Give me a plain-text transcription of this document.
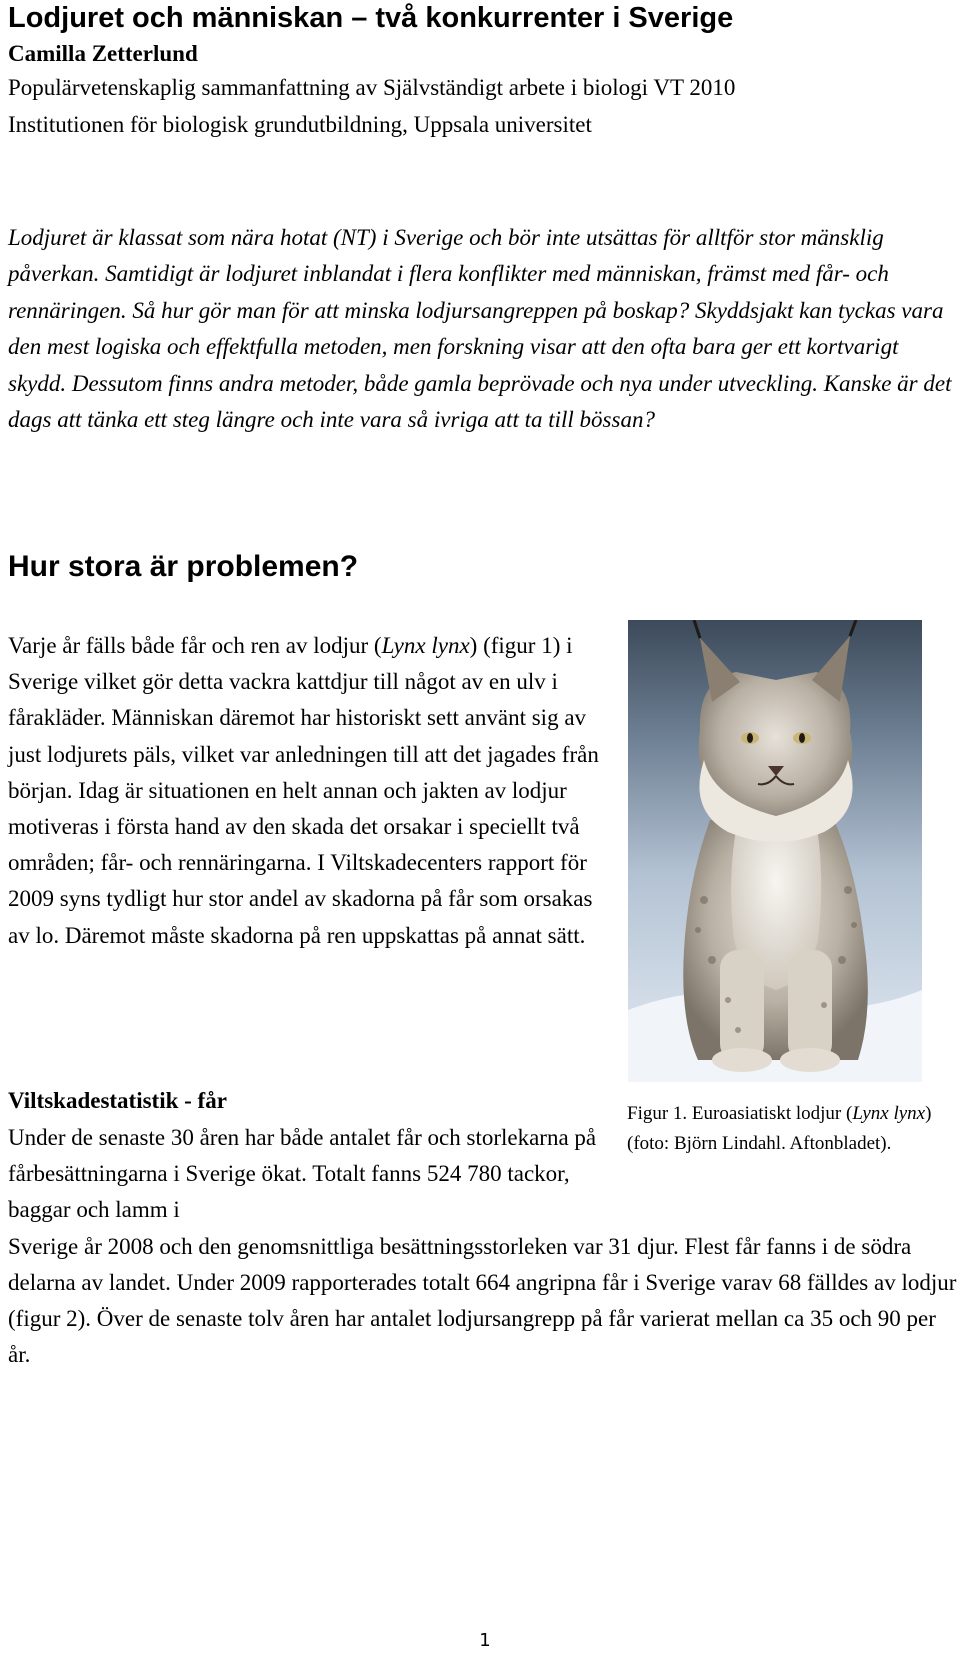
Lodjuret och människan – två konkurrenter i Sverige
Camilla Zetterlund
Populärvetenskaplig sammanfattning av Självständigt arbete i biologi VT 2010
Institutionen för biologisk grundutbildning, Uppsala universitet

Lodjuret är klassat som nära hotat (NT) i Sverige och bör inte utsättas för alltför stor mänsklig påverkan. Samtidigt är lodjuret inblandat i flera konflikter med människan, främst med får- och rennäringen. Så hur gör man för att minska lodjursangreppen på boskap? Skyddsjakt kan tyckas vara den mest logiska och effektfulla metoden, men forskning visar att den ofta bara ger ett kortvarigt skydd. Dessutom finns andra metoder, både gamla beprövade och nya under utveckling. Kanske är det dags att tänka ett steg längre och inte vara så ivriga att ta till bössan?

Hur stora är problemen?

Varje år fälls både får och ren av lodjur (Lynx lynx) (figur 1) i Sverige vilket gör detta vackra kattdjur till något av en ulv i fårakläder. Människan däremot har historiskt sett använt sig av just lodjurets päls, vilket var anledningen till att det jagades från början. Idag är situationen en helt annan och jakten av lodjur motiveras i första hand av den skada det orsakar i speciellt två områden; får- och rennäringarna. I Viltskadecenters rapport för 2009 syns tydligt hur stor andel av skadorna på får som orsakas av lo. Däremot måste skadorna på ren uppskattas på annat sätt.

Figur 1. Euroasiatiskt lodjur (Lynx lynx) (foto: Björn Lindahl. Aftonbladet).

Viltskadestatistik - får

Under de senaste 30 åren har både antalet får och storlekarna på fårbesättningarna i Sverige ökat. Totalt fanns 524 780 tackor, baggar och lamm i

Sverige år 2008 och den genomsnittliga besättningsstorleken var 31 djur. Flest får fanns i de södra delarna av landet. Under 2009 rapporterades totalt 664 angripna får i Sverige varav 68 fälldes av lodjur (figur 2). Över de senaste tolv åren har antalet lodjursangrepp på får varierat mellan ca 35 och 90 per år.

1
